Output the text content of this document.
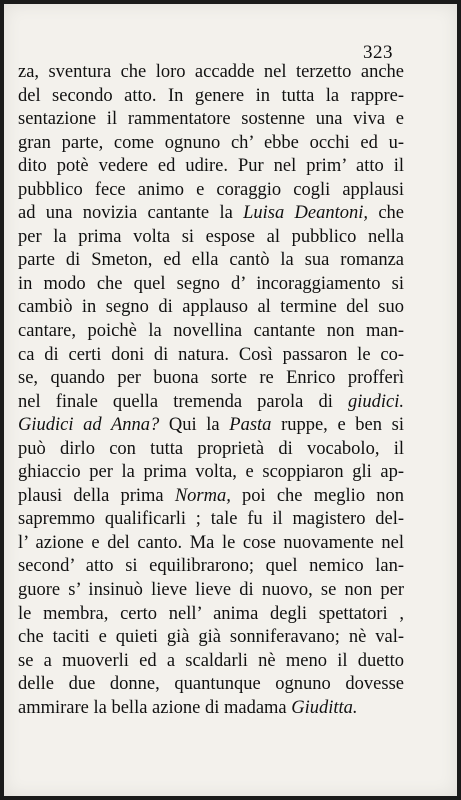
323
za, sventura che loro accadde nel terzetto anche
del secondo atto. In genere in tutta la rappre-
sentazione il rammentatore sostenne una viva e
gran parte, come ognuno ch’ ebbe occhi ed u-
dito potè vedere ed udire. Pur nel prim’ atto il
pubblico fece animo e coraggio cogli applausi
ad una novizia cantante la Luisa Deantoni, che
per la prima volta si espose al pubblico nella
parte di Smeton, ed ella cantò la sua romanza
in modo che quel segno d’ incoraggiamento si
cambiò in segno di applauso al termine del suo
cantare, poichè la novellina cantante non man-
ca di certi doni di natura. Così passaron le co-
se, quando per buona sorte re Enrico profferì
nel finale quella tremenda parola di giudici.
Giudici ad Anna? Qui la Pasta ruppe, e ben si
può dirlo con tutta proprietà di vocabolo, il
ghiaccio per la prima volta, e scoppiaron gli ap-
plausi della prima Norma, poi che meglio non
sapremmo qualificarli ; tale fu il magistero del-
l’ azione e del canto. Ma le cose nuovamente nel
second’ atto si equilibrarono; quel nemico lan-
guore s’ insinuò lieve lieve di nuovo, se non per
le membra, certo nell’ anima degli spettatori ,
che taciti e quieti già già sonniferavano; nè val-
se a muoverli ed a scaldarli nè meno il duetto
delle due donne, quantunque ognuno dovesse
ammirare la bella azione di madama Giuditta.
